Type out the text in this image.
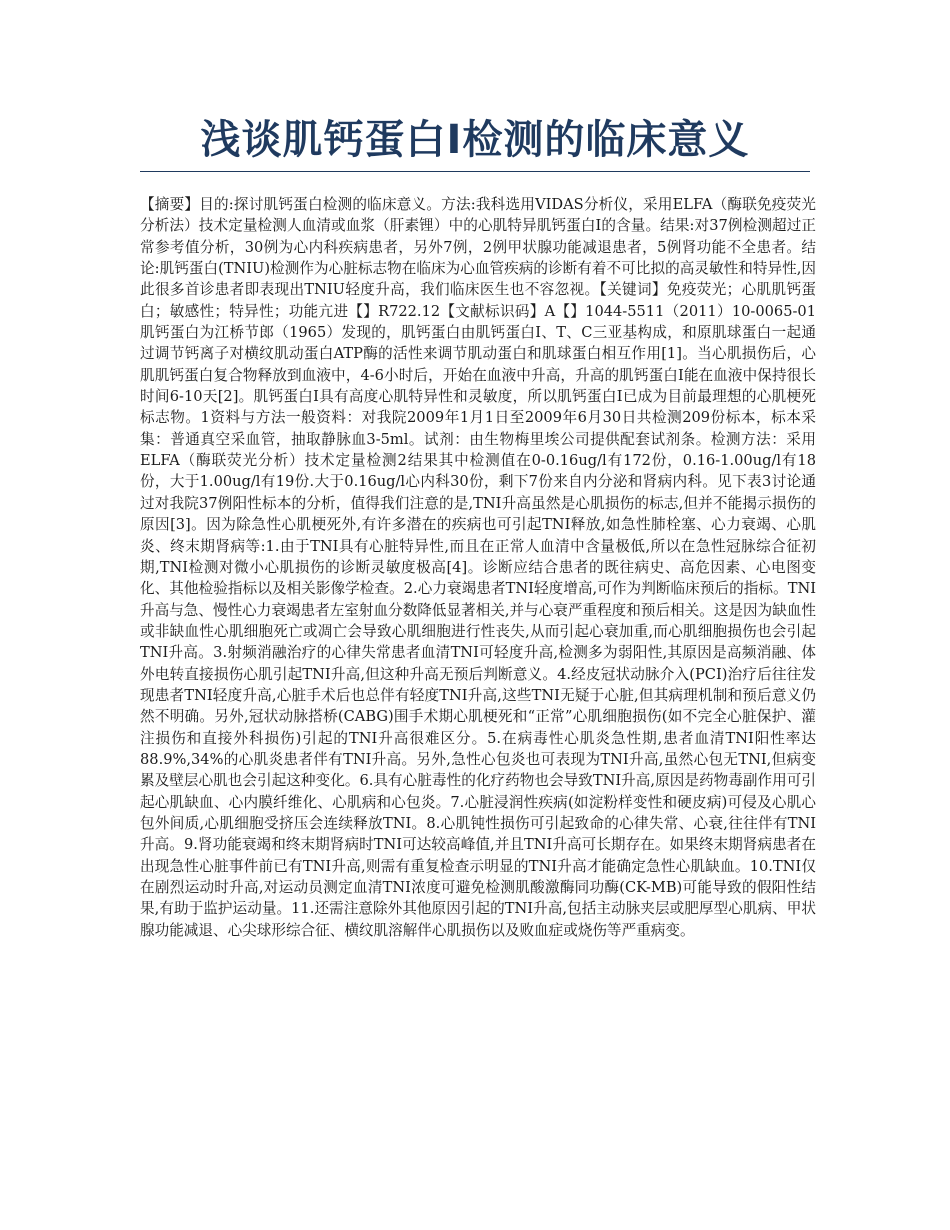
浅谈肌钙蛋白Ⅰ检测的临床意义

【摘要】目的:探讨肌钙蛋白检测的临床意义。方法:我科选用VIDAS分析仪，采用ELFA（酶联免疫荧光分析法）技术定量检测人血清或血浆（肝素锂）中的心肌特异肌钙蛋白Ⅰ的含量。结果:对37例检测超过正常参考值分析，30例为心内科疾病患者，另外7例，2例甲状腺功能减退患者，5例肾功能不全患者。结论:肌钙蛋白(TNIU)检测作为心脏标志物在临床为心血管疾病的诊断有着不可比拟的高灵敏性和特异性,因此很多首诊患者即表现出TNIU轻度升高，我们临床医生也不容忽视。【关键词】免疫荧光；心肌肌钙蛋白；敏感性；特异性；功能亢进【】R722.12【文献标识码】A【】1044-5511（2011）10-0065-01肌钙蛋白为江桥节郎（1965）发现的，肌钙蛋白由肌钙蛋白I、T、C三亚基构成，和原肌球蛋白一起通过调节钙离子对横纹肌动蛋白ATP酶的活性来调节肌动蛋白和肌球蛋白相互作用[1]。当心肌损伤后，心肌肌钙蛋白复合物释放到血液中，4-6小时后，开始在血液中升高，升高的肌钙蛋白Ⅰ能在血液中保持很长时间6-10天[2]。肌钙蛋白Ⅰ具有高度心肌特异性和灵敏度，所以肌钙蛋白Ⅰ已成为目前最理想的心肌梗死标志物。1资料与方法一般资料：对我院2009年1月1日至2009年6月30日共检测209份标本，标本采集：普通真空采血管，抽取静脉血3-5ml。试剂：由生物梅里埃公司提供配套试剂条。检测方法：采用ELFA（酶联荧光分析）技术定量检测2结果其中检测值在0-0.16ug/l有172份，0.16-1.00ug/l有18份，大于1.00ug/l有19份.大于0.16ug/l心内科30份，剩下7份来自内分泌和肾病内科。见下表3讨论通过对我院37例阳性标本的分析，值得我们注意的是,TNI升高虽然是心肌损伤的标志,但并不能揭示损伤的原因[3]。因为除急性心肌梗死外,有许多潜在的疾病也可引起TNI释放,如急性肺栓塞、心力衰竭、心肌炎、终末期肾病等:1.由于TNI具有心脏特异性,而且在正常人血清中含量极低,所以在急性冠脉综合征初期,TNI检测对微小心肌损伤的诊断灵敏度极高[4]。诊断应结合患者的既往病史、高危因素、心电图变化、其他检验指标以及相关影像学检查。2.心力衰竭患者TNI轻度增高,可作为判断临床预后的指标。TNI升高与急、慢性心力衰竭患者左室射血分数降低显著相关,并与心衰严重程度和预后相关。这是因为缺血性或非缺血性心肌细胞死亡或凋亡会导致心肌细胞进行性丧失,从而引起心衰加重,而心肌细胞损伤也会引起TNI升高。3.射频消融治疗的心律失常患者血清TNI可轻度升高,检测多为弱阳性,其原因是高频消融、体外电转直接损伤心肌引起TNI升高,但这种升高无预后判断意义。4.经皮冠状动脉介入(PCI)治疗后往往发现患者TNI轻度升高,心脏手术后也总伴有轻度TNI升高,这些TNI无疑于心脏,但其病理机制和预后意义仍然不明确。另外,冠状动脉搭桥(CABG)围手术期心肌梗死和“正常”心肌细胞损伤(如不完全心脏保护、灌注损伤和直接外科损伤)引起的TNI升高很难区分。5.在病毒性心肌炎急性期,患者血清TNI阳性率达88.9%,34%的心肌炎患者伴有TNI升高。另外,急性心包炎也可表现为TNI升高,虽然心包无TNI,但病变累及壁层心肌也会引起这种变化。6.具有心脏毒性的化疗药物也会导致TNI升高,原因是药物毒副作用可引起心肌缺血、心内膜纤维化、心肌病和心包炎。7.心脏浸润性疾病(如淀粉样变性和硬皮病)可侵及心肌心包外间质,心肌细胞受挤压会连续释放TNI。8.心肌钝性损伤可引起致命的心律失常、心衰,往往伴有TNI升高。9.肾功能衰竭和终末期肾病时TNI可达较高峰值,并且TNI升高可长期存在。如果终末期肾病患者在出现急性心脏事件前已有TNI升高,则需有重复检查示明显的TNI升高才能确定急性心肌缺血。10.TNI仅在剧烈运动时升高,对运动员测定血清TNI浓度可避免检测肌酸激酶同功酶(CK-MB)可能导致的假阳性结果,有助于监护运动量。11.还需注意除外其他原因引起的TNI升高,包括主动脉夹层或肥厚型心肌病、甲状腺功能减退、心尖球形综合征、横纹肌溶解伴心肌损伤以及败血症或烧伤等严重病变。
